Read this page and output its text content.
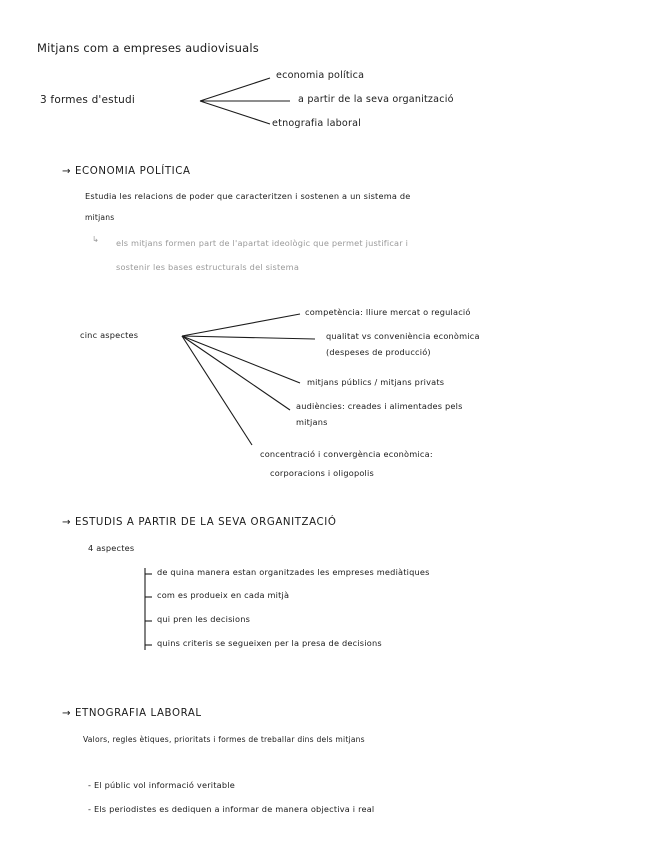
Mitjans com a empreses audiovisuals
3 formes d'estudi
economia política
a partir de la seva organització
etnografia laboral
→ ECONOMIA POLÍTICA
Estudia les relacions de poder que caracteritzen i sostenen a un sistema de
mitjans
↳ els mitjans formen part de l'apartat ideològic que permet justificar i
sostenir les bases estructurals del sistema
cinc aspectes
competència: lliure mercat o regulació
qualitat vs conveniència econòmica
(despeses de producció)
mitjans públics / mitjans privats
audiències: creades i alimentades pels
mitjans
concentració i convergència econòmica:
corporacions i oligopolis
→ ESTUDIS A PARTIR DE LA SEVA ORGANITZACIÓ
4 aspectes
de quina manera estan organitzades les empreses mediàtiques
com es produeix en cada mitjà
qui pren les decisions
quins criteris se segueixen per la presa de decisions
→ ETNOGRAFIA LABORAL
Valors, regles ètiques, prioritats i formes de treballar dins dels mitjans
- El públic vol informació veritable
- Els periodistes es dediquen a informar de manera objectiva i real
